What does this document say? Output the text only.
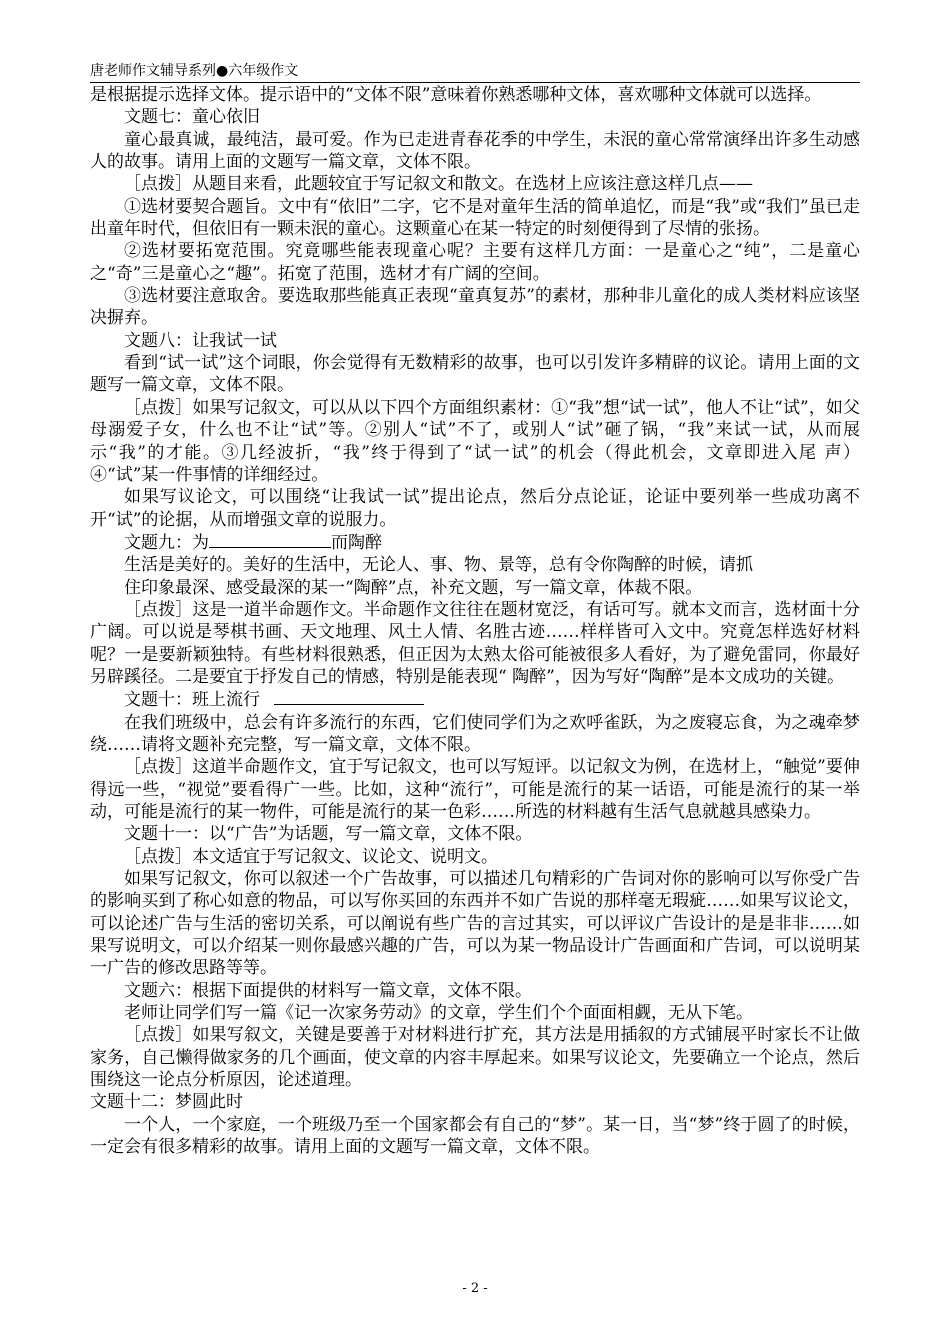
唐老师作文辅导系列●六年级作文

是根据提示选择文体。提示语中的“文体不限”意味着你熟悉哪种文体，喜欢哪种文体就可以选择。

文题七：童心依旧

童心最真诚，最纯洁，最可爱。作为已走进青春花季的中学生，未泯的童心常常演绎出许多生动感人的故事。请用上面的文题写一篇文章，文体不限。

［点拨］从题目来看，此题较宜于写记叙文和散文。在选材上应该注意这样几点——

①选材要契合题旨。文中有“依旧”二字，它不是对童年生活的简单追忆，而是“我”或“我们”虽已走出童年时代，但依旧有一颗未泯的童心。这颗童心在某一特定的时刻便得到了尽情的张扬。

②选材要拓宽范围。究竟哪些能表现童心呢？主要有这样几方面：一是童心之“纯”，二是童心之“奇”三是童心之“趣”。拓宽了范围，选材才有广阔的空间。

③选材要注意取舍。要选取那些能真正表现“童真复苏”的素材，那种非儿童化的成人类材料应该坚决摒弃。

文题八：让我试一试

看到“试一试”这个词眼，你会觉得有无数精彩的故事，也可以引发许多精辟的议论。请用上面的文题写一篇文章，文体不限。

［点拨］如果写记叙文，可以从以下四个方面组织素材：①“我”想“试一试”，他人不让“试”，如父母溺爱子女，什么也不让“试”等。②别人“试”不了，或别人“试”砸了锅，“我”来试一试，从而展示“我”的才能。③几经波折，“我”终于得到了“试一试”的机会（得此机会，文章即进入尾 声）④“试”某一件事情的详细经过。

如果写议论文，可以围绕“让我试一试”提出论点，然后分点论证，论证中要列举一些成功离不开“试”的论据，从而增强文章的说服力。

文题九：为	而陶醉

生活是美好的。美好的生活中，无论人、事、物、景等，总有令你陶醉的时候，请抓

住印象最深、感受最深的某一“陶醉”点，补充文题，写一篇文章，体裁不限。

［点拨］这是一道半命题作文。半命题作文往往在题材宽泛，有话可写。就本文而言，选材面十分广阔。可以说是琴棋书画、天文地理、风土人情、名胜古迹……样样皆可入文中。究竟怎样选好材料呢？一是要新颖独特。有些材料很熟悉，但正因为太熟太俗可能被很多人看好，为了避免雷同，你最好另辟蹊径。二是要宜于抒发自己的情感，特别是能表现“ 陶醉”，因为写好“陶醉”是本文成功的关键。

文题十：班上流行

在我们班级中，总会有许多流行的东西，它们使同学们为之欢呼雀跃，为之废寝忘食，为之魂牵梦绕……请将文题补充完整，写一篇文章，文体不限。

［点拨］这道半命题作文，宜于写记叙文，也可以写短评。以记叙文为例，在选材上，“触觉”要伸得远一些，“视觉”要看得广一些。比如，这种“流行”，可能是流行的某一话语，可能是流行的某一举动，可能是流行的某一物件，可能是流行的某一色彩……所选的材料越有生活气息就越具感染力。

文题十一：以“广告”为话题，写一篇文章，文体不限。

［点拨］本文适宜于写记叙文、议论文、说明文。

如果写记叙文，你可以叙述一个广告故事，可以描述几句精彩的广告词对你的影响可以写你受广告的影响买到了称心如意的物品，可以写你买回的东西并不如广告说的那样毫无瑕疵……如果写议论文，可以论述广告与生活的密切关系，可以阐说有些广告的言过其实，可以评议广告设计的是是非非……如果写说明文，可以介绍某一则你最感兴趣的广告，可以为某一物品设计广告画面和广告词，可以说明某一广告的修改思路等等。

文题六：根据下面提供的材料写一篇文章，文体不限。

老师让同学们写一篇《记一次家务劳动》的文章，学生们个个面面相觑，无从下笔。

［点拨］如果写叙文，关键是要善于对材料进行扩充，其方法是用插叙的方式铺展平时家长不让做家务，自己懒得做家务的几个画面，使文章的内容丰厚起来。如果写议论文，先要确立一个论点，然后围绕这一论点分析原因，论述道理。

文题十二：梦圆此时

一个人，一个家庭，一个班级乃至一个国家都会有自己的“梦”。某一日，当“梦”终于圆了的时候，一定会有很多精彩的故事。请用上面的文题写一篇文章，文体不限。

- 2 -
